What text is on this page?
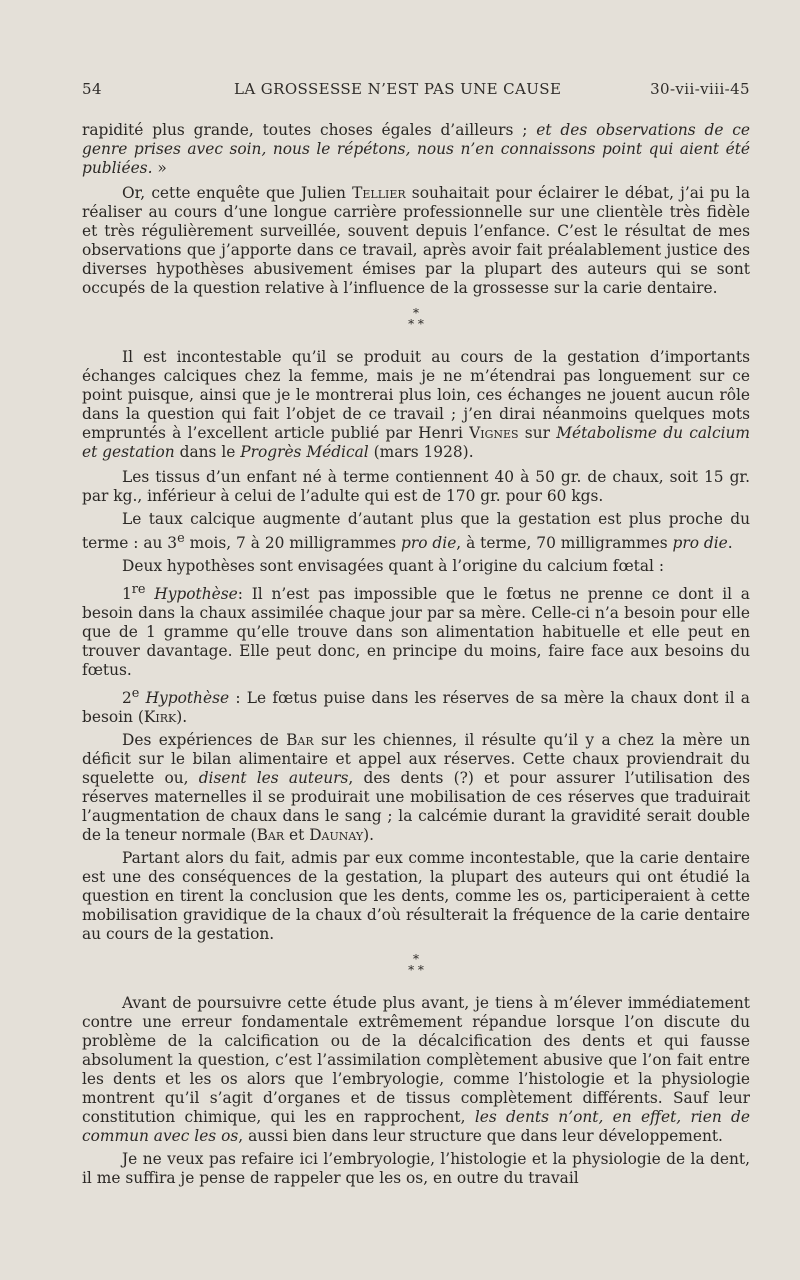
54	LA GROSSESSE N’EST PAS UNE CAUSE	30-vii-viii-45

rapidité plus grande, toutes choses égales d’ailleurs ; et des observations de ce genre prises avec soin, nous le répétons, nous n’en connaissons point qui aient été publiées. »

Or, cette enquête que Julien Tellier souhaitait pour éclairer le débat, j’ai pu la réaliser au cours d’une longue carrière professionnelle sur une clientèle très fidèle et très régulièrement surveillée, souvent depuis l’enfance. C’est le résultat de mes observations que j’apporte dans ce travail, après avoir fait préalablement justice des diverses hypothèses abusivement émises par la plupart des auteurs qui se sont occupés de la question relative à l’influence de la grossesse sur la carie dentaire.

*
* *

Il est incontestable qu’il se produit au cours de la gestation d’importants échanges calciques chez la femme, mais je ne m’étendrai pas longuement sur ce point puisque, ainsi que je le montrerai plus loin, ces échanges ne jouent aucun rôle dans la question qui fait l’objet de ce travail ; j’en dirai néanmoins quelques mots empruntés à l’excellent article publié par Henri Vignes sur Métabolisme du calcium et gestation dans le Progrès Médical (mars 1928).

Les tissus d’un enfant né à terme contiennent 40 à 50 gr. de chaux, soit 15 gr. par kg., inférieur à celui de l’adulte qui est de 170 gr. pour 60 kgs.

Le taux calcique augmente d’autant plus que la gestation est plus proche du terme : au 3e mois, 7 à 20 milligrammes pro die, à terme, 70 milligrammes pro die.

Deux hypothèses sont envisagées quant à l’origine du calcium fœtal :

1re Hypothèse: Il n’est pas impossible que le fœtus ne prenne ce dont il a besoin dans la chaux assimilée chaque jour par sa mère. Celle-ci n’a besoin pour elle que de 1 gramme qu’elle trouve dans son alimentation habituelle et elle peut en trouver davantage. Elle peut donc, en principe du moins, faire face aux besoins du fœtus.

2e Hypothèse : Le fœtus puise dans les réserves de sa mère la chaux dont il a besoin (Kirk).

Des expériences de Bar sur les chiennes, il résulte qu’il y a chez la mère un déficit sur le bilan alimentaire et appel aux réserves. Cette chaux proviendrait du squelette ou, disent les auteurs, des dents (?) et pour assurer l’utilisation des réserves maternelles il se produirait une mobilisation de ces réserves que traduirait l’augmentation de chaux dans le sang ; la calcémie durant la gravidité serait double de la teneur normale (Bar et Daunay).

Partant alors du fait, admis par eux comme incontestable, que la carie dentaire est une des conséquences de la gestation, la plupart des auteurs qui ont étudié la question en tirent la conclusion que les dents, comme les os, participeraient à cette mobilisation gravidique de la chaux d’où résulterait la fréquence de la carie dentaire au cours de la gestation.

*
* *

Avant de poursuivre cette étude plus avant, je tiens à m’élever immédiatement contre une erreur fondamentale extrêmement répandue lorsque l’on discute du problème de la calcification ou de la décalcification des dents et qui fausse absolument la question, c’est l’assimilation complètement abusive que l’on fait entre les dents et les os alors que l’embryologie, comme l’histologie et la physiologie montrent qu’il s’agit d’organes et de tissus complètement différents. Sauf leur constitution chimique, qui les en rapprochent, les dents n’ont, en effet, rien de commun avec les os, aussi bien dans leur structure que dans leur développement.

Je ne veux pas refaire ici l’embryologie, l’histologie et la physiologie de la dent, il me suffira je pense de rappeler que les os, en outre du travail
